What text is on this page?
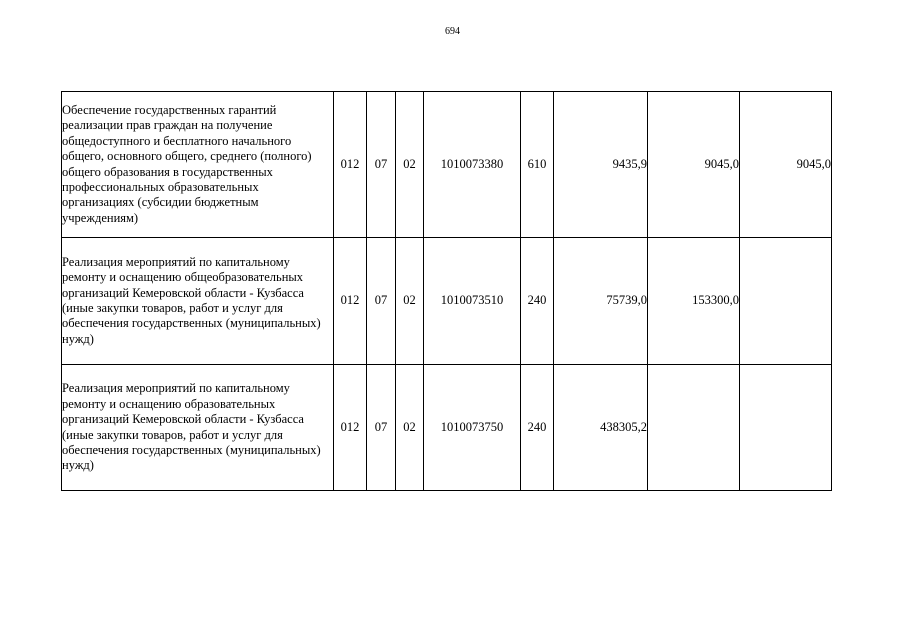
694
Обеспечение государственных гарантий реализации прав граждан на получение общедоступного и бесплатного начального общего, основного общего, среднего (полного) общего образования в государственных профессиональных образовательных организациях (субсидии бюджетным учреждениям)	012	07	02	1010073380	610	9435,9	9045,0	9045,0
Реализация мероприятий по капитальному ремонту и оснащению общеобразовательных организаций Кемеровской области - Кузбасса (иные закупки товаров, работ и услуг для обеспечения государственных (муниципальных) нужд)	012	07	02	1010073510	240	75739,0	153300,0	
Реализация мероприятий по капитальному ремонту и оснащению образовательных организаций Кемеровской области - Кузбасса (иные закупки товаров, работ и услуг для обеспечения государственных (муниципальных) нужд)	012	07	02	1010073750	240	438305,2		
